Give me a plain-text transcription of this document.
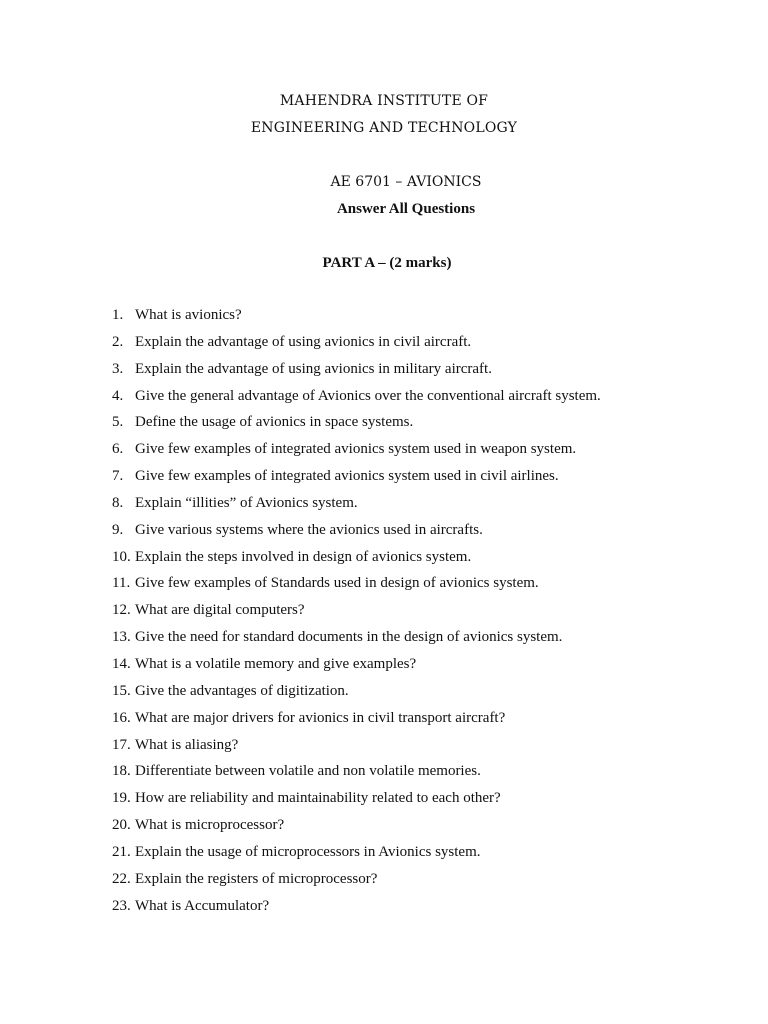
MAHENDRA INSTITUTE OF
ENGINEERING AND TECHNOLOGY
AE 6701 – AVIONICS
Answer All Questions
PART A – (2 marks)
1. What is avionics?
2. Explain the advantage of using avionics in civil aircraft.
3. Explain the advantage of using avionics in military aircraft.
4. Give the general advantage of Avionics over the conventional aircraft system.
5. Define the usage of avionics in space systems.
6. Give few examples of integrated avionics system used in weapon system.
7. Give few examples of integrated avionics system used in civil airlines.
8. Explain “illities” of Avionics system.
9. Give various systems where the avionics used in aircrafts.
10. Explain the steps involved in design of avionics system.
11. Give few examples of Standards used in design of avionics system.
12. What are digital computers?
13. Give the need for standard documents in the design of avionics system.
14. What is a volatile memory and give examples?
15. Give the advantages of digitization.
16. What are major drivers for avionics in civil transport aircraft?
17. What is aliasing?
18. Differentiate between volatile and non volatile memories.
19. How are reliability and maintainability related to each other?
20. What is microprocessor?
21. Explain the usage of microprocessors in Avionics system.
22. Explain the registers of microprocessor?
23. What is Accumulator?
